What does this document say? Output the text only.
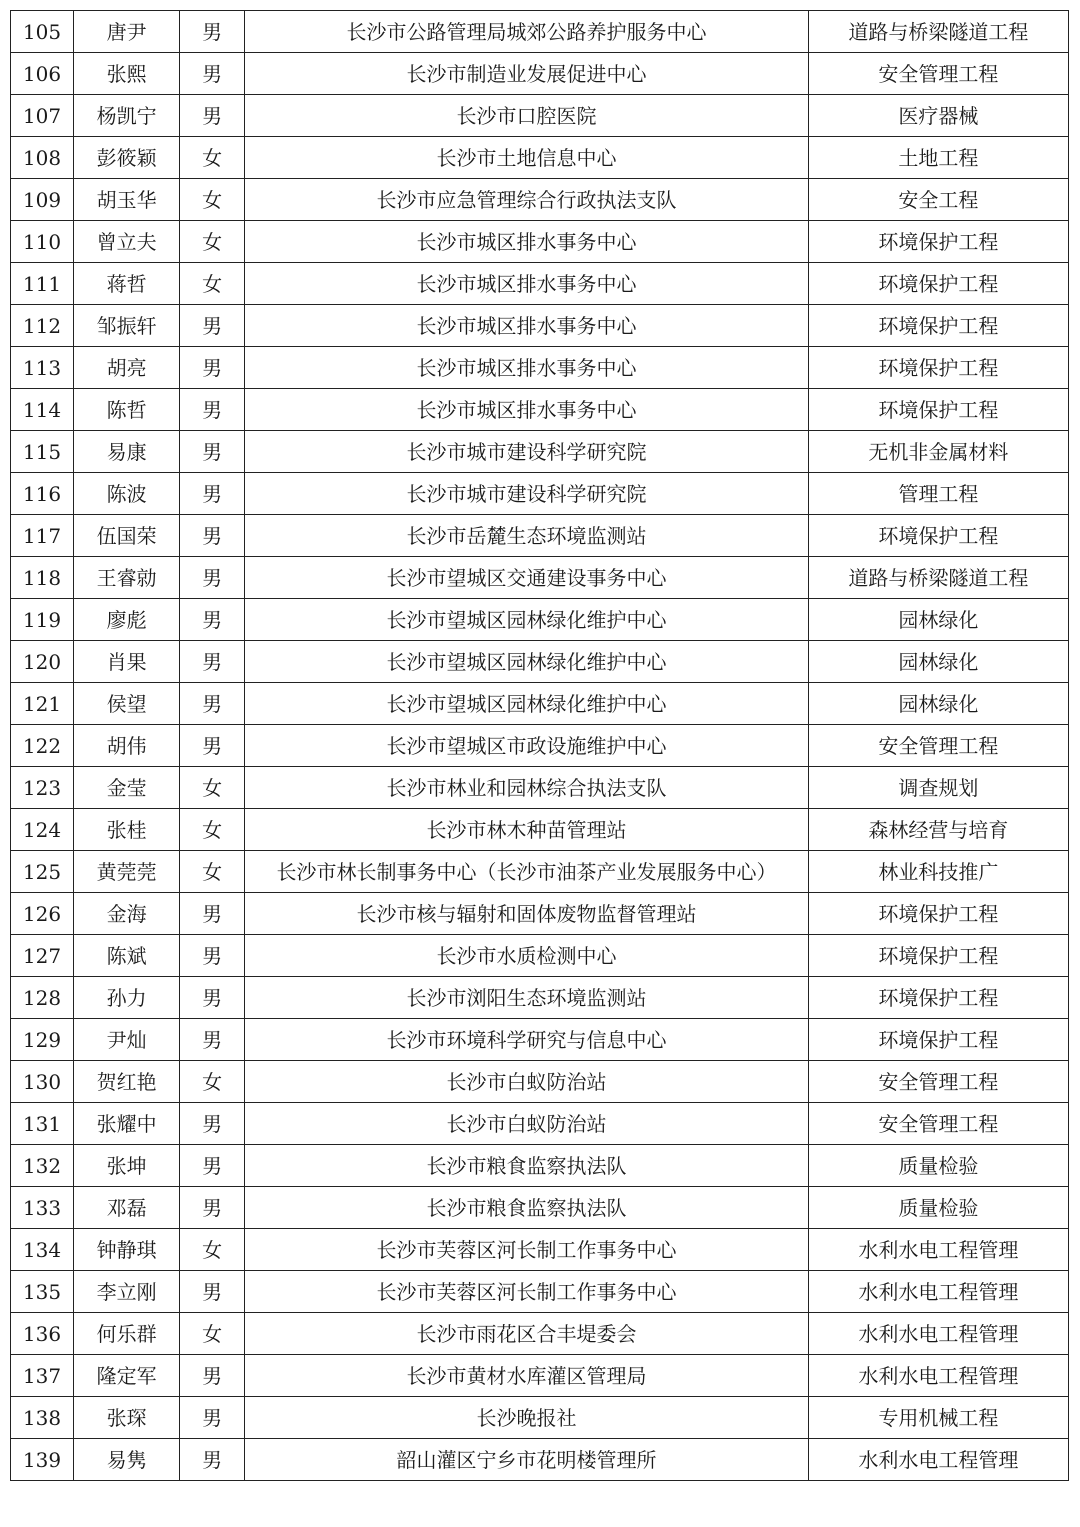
105	唐尹	男	长沙市公路管理局城郊公路养护服务中心	道路与桥梁隧道工程
106	张熙	男	长沙市制造业发展促进中心	安全管理工程
107	杨凯宁	男	长沙市口腔医院	医疗器械
108	彭筱颖	女	长沙市土地信息中心	土地工程
109	胡玉华	女	长沙市应急管理综合行政执法支队	安全工程
110	曾立夫	女	长沙市城区排水事务中心	环境保护工程
111	蒋哲	女	长沙市城区排水事务中心	环境保护工程
112	邹振轩	男	长沙市城区排水事务中心	环境保护工程
113	胡亮	男	长沙市城区排水事务中心	环境保护工程
114	陈哲	男	长沙市城区排水事务中心	环境保护工程
115	易康	男	长沙市城市建设科学研究院	无机非金属材料
116	陈波	男	长沙市城市建设科学研究院	管理工程
117	伍国荣	男	长沙市岳麓生态环境监测站	环境保护工程
118	王睿勍	男	长沙市望城区交通建设事务中心	道路与桥梁隧道工程
119	廖彪	男	长沙市望城区园林绿化维护中心	园林绿化
120	肖果	男	长沙市望城区园林绿化维护中心	园林绿化
121	侯望	男	长沙市望城区园林绿化维护中心	园林绿化
122	胡伟	男	长沙市望城区市政设施维护中心	安全管理工程
123	金莹	女	长沙市林业和园林综合执法支队	调查规划
124	张桂	女	长沙市林木种苗管理站	森林经营与培育
125	黄莞莞	女	长沙市林长制事务中心（长沙市油茶产业发展服务中心）	林业科技推广
126	金海	男	长沙市核与辐射和固体废物监督管理站	环境保护工程
127	陈斌	男	长沙市水质检测中心	环境保护工程
128	孙力	男	长沙市浏阳生态环境监测站	环境保护工程
129	尹灿	男	长沙市环境科学研究与信息中心	环境保护工程
130	贺红艳	女	长沙市白蚁防治站	安全管理工程
131	张耀中	男	长沙市白蚁防治站	安全管理工程
132	张坤	男	长沙市粮食监察执法队	质量检验
133	邓磊	男	长沙市粮食监察执法队	质量检验
134	钟静琪	女	长沙市芙蓉区河长制工作事务中心	水利水电工程管理
135	李立刚	男	长沙市芙蓉区河长制工作事务中心	水利水电工程管理
136	何乐群	女	长沙市雨花区合丰堤委会	水利水电工程管理
137	隆定军	男	长沙市黄材水库灌区管理局	水利水电工程管理
138	张琛	男	长沙晚报社	专用机械工程
139	易隽	男	韶山灌区宁乡市花明楼管理所	水利水电工程管理
